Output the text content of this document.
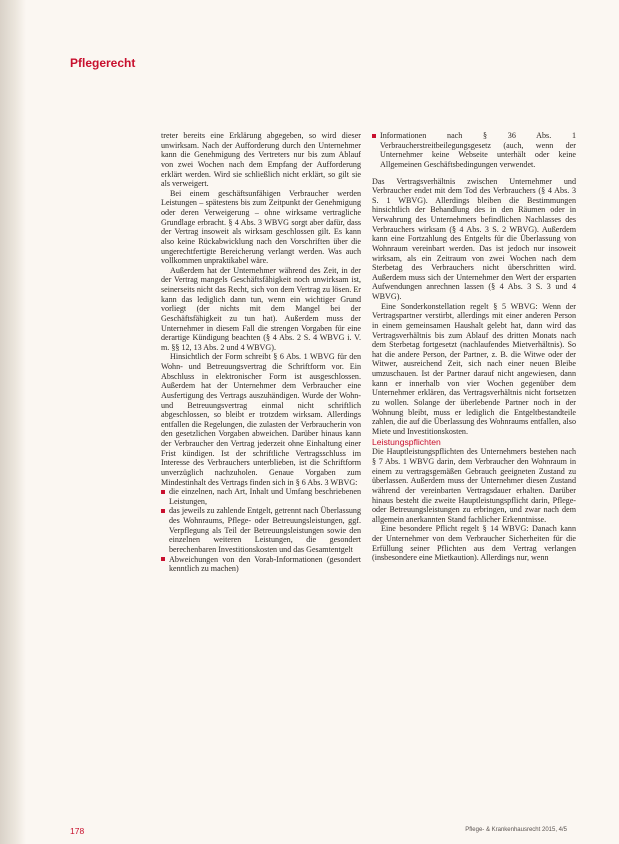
Pflegerecht

treter bereits eine Erklärung abgegeben, so wird dieser unwirksam. Nach der Aufforderung durch den Unternehmer kann die Genehmigung des Vertreters nur bis zum Ablauf von zwei Wochen nach dem Empfang der Aufforderung erklärt werden. Wird sie schließlich nicht erklärt, so gilt sie als verweigert.

Bei einem geschäftsunfähigen Verbraucher werden Leistungen – spätestens bis zum Zeitpunkt der Genehmigung oder deren Verweigerung – ohne wirksame vertragliche Grundlage erbracht. § 4 Abs. 3 WBVG sorgt aber dafür, dass der Vertrag insoweit als wirksam geschlossen gilt. Es kann also keine Rückabwicklung nach den Vorschriften über die ungerechtfertigte Bereicherung verlangt werden. Was auch vollkommen unpraktikabel wäre.

Außerdem hat der Unternehmer während des Zeit, in der der Vertrag mangels Geschäftsfähigkeit noch unwirksam ist, seinerseits nicht das Recht, sich von dem Vertrag zu lösen. Er kann das lediglich dann tun, wenn ein wichtiger Grund vorliegt (der nichts mit dem Mangel bei der Geschäftsfähigkeit zu tun hat). Außerdem muss der Unternehmer in diesem Fall die strengen Vorgaben für eine derartige Kündigung beachten (§ 4 Abs. 2 S. 4 WBVG i. V. m. §§ 12, 13 Abs. 2 und 4 WBVG).

Hinsichtlich der Form schreibt § 6 Abs. 1 WBVG für den Wohn- und Betreuungsvertrag die Schriftform vor. Ein Abschluss in elektronischer Form ist ausgeschlossen. Außerdem hat der Unternehmer dem Verbraucher eine Ausfertigung des Vertrags auszuhändigen. Wurde der Wohn- und Betreuungsvertrag einmal nicht schriftlich abgeschlossen, so bleibt er trotzdem wirksam. Allerdings entfallen die Regelungen, die zulasten der Verbraucherin von den gesetzlichen Vorgaben abweichen. Darüber hinaus kann der Verbraucher den Vertrag jederzeit ohne Einhaltung einer Frist kündigen. Ist der schriftliche Vertragsschluss im Interesse des Verbrauchers unterblieben, ist die Schriftform unverzüglich nachzuholen. Genaue Vorgaben zum Mindestinhalt des Vertrags finden sich in § 6 Abs. 3 WBVG:

die einzelnen, nach Art, Inhalt und Umfang beschriebenen Leistungen,
das jeweils zu zahlende Entgelt, getrennt nach Überlassung des Wohnraums, Pflege- oder Betreuungsleistungen, ggf. Verpflegung als Teil der Betreuungsleistungen sowie den einzelnen weiteren Leistungen, die gesondert berechenbaren Investitionskosten und das Gesamtentgelt
Abweichungen von den Vorab-Informationen (gesondert kenntlich zu machen)
Informationen nach § 36 Abs. 1 Verbraucherstreitbeilegungsgesetz (auch, wenn der Unternehmer keine Webseite unterhält oder keine Allgemeinen Geschäftsbedingungen verwendet.

Das Vertragsverhältnis zwischen Unternehmer und Verbraucher endet mit dem Tod des Verbrauchers (§ 4 Abs. 3 S. 1 WBVG). Allerdings bleiben die Bestimmungen hinsichtlich der Behandlung des in den Räumen oder in Verwahrung des Unternehmers befindlichen Nachlasses des Verbrauchers wirksam (§ 4 Abs. 3 S. 2 WBVG). Außerdem kann eine Fortzahlung des Entgelts für die Überlassung von Wohnraum vereinbart werden. Das ist jedoch nur insoweit wirksam, als ein Zeitraum von zwei Wochen nach dem Sterbetag des Verbrauchers nicht überschritten wird. Außerdem muss sich der Unternehmer den Wert der ersparten Aufwendungen anrechnen lassen (§ 4 Abs. 3 S. 3 und 4 WBVG).

Eine Sonderkonstellation regelt § 5 WBVG: Wenn der Vertragspartner verstirbt, allerdings mit einer anderen Person in einem gemeinsamen Haushalt gelebt hat, dann wird das Vertragsverhältnis bis zum Ablauf des dritten Monats nach dem Sterbetag fortgesetzt (nachlaufendes Mietverhältnis). So hat die andere Person, der Partner, z. B. die Witwe oder der Witwer, ausreichend Zeit, sich nach einer neuen Bleibe umzuschauen. Ist der Partner darauf nicht angewiesen, dann kann er innerhalb von vier Wochen gegenüber dem Unternehmer erklären, das Vertragsverhältnis nicht fortsetzen zu wollen. Solange der überlebende Partner noch in der Wohnung bleibt, muss er lediglich die Entgeltbestandteile zahlen, die auf die Überlassung des Wohnraums entfallen, also Miete und Investitionskosten.

Leistungspflichten

Die Hauptleistungspflichten des Unternehmers bestehen nach § 7 Abs. 1 WBVG darin, dem Verbraucher den Wohnraum in einem zu vertragsgemäßen Gebrauch geeigneten Zustand zu überlassen. Außerdem muss der Unternehmer diesen Zustand während der vereinbarten Vertragsdauer erhalten. Darüber hinaus besteht die zweite Hauptleistungspflicht darin, Pflege- oder Betreuungsleistungen zu erbringen, und zwar nach dem allgemein anerkannten Stand fachlicher Erkenntnisse.

Eine besondere Pflicht regelt § 14 WBVG: Danach kann der Unternehmer von dem Verbraucher Sicherheiten für die Erfüllung seiner Pflichten aus dem Vertrag verlangen (insbesondere eine Mietkaution). Allerdings nur, wenn

178	Pflege- & Krankenhausrecht 2015, 4/5
